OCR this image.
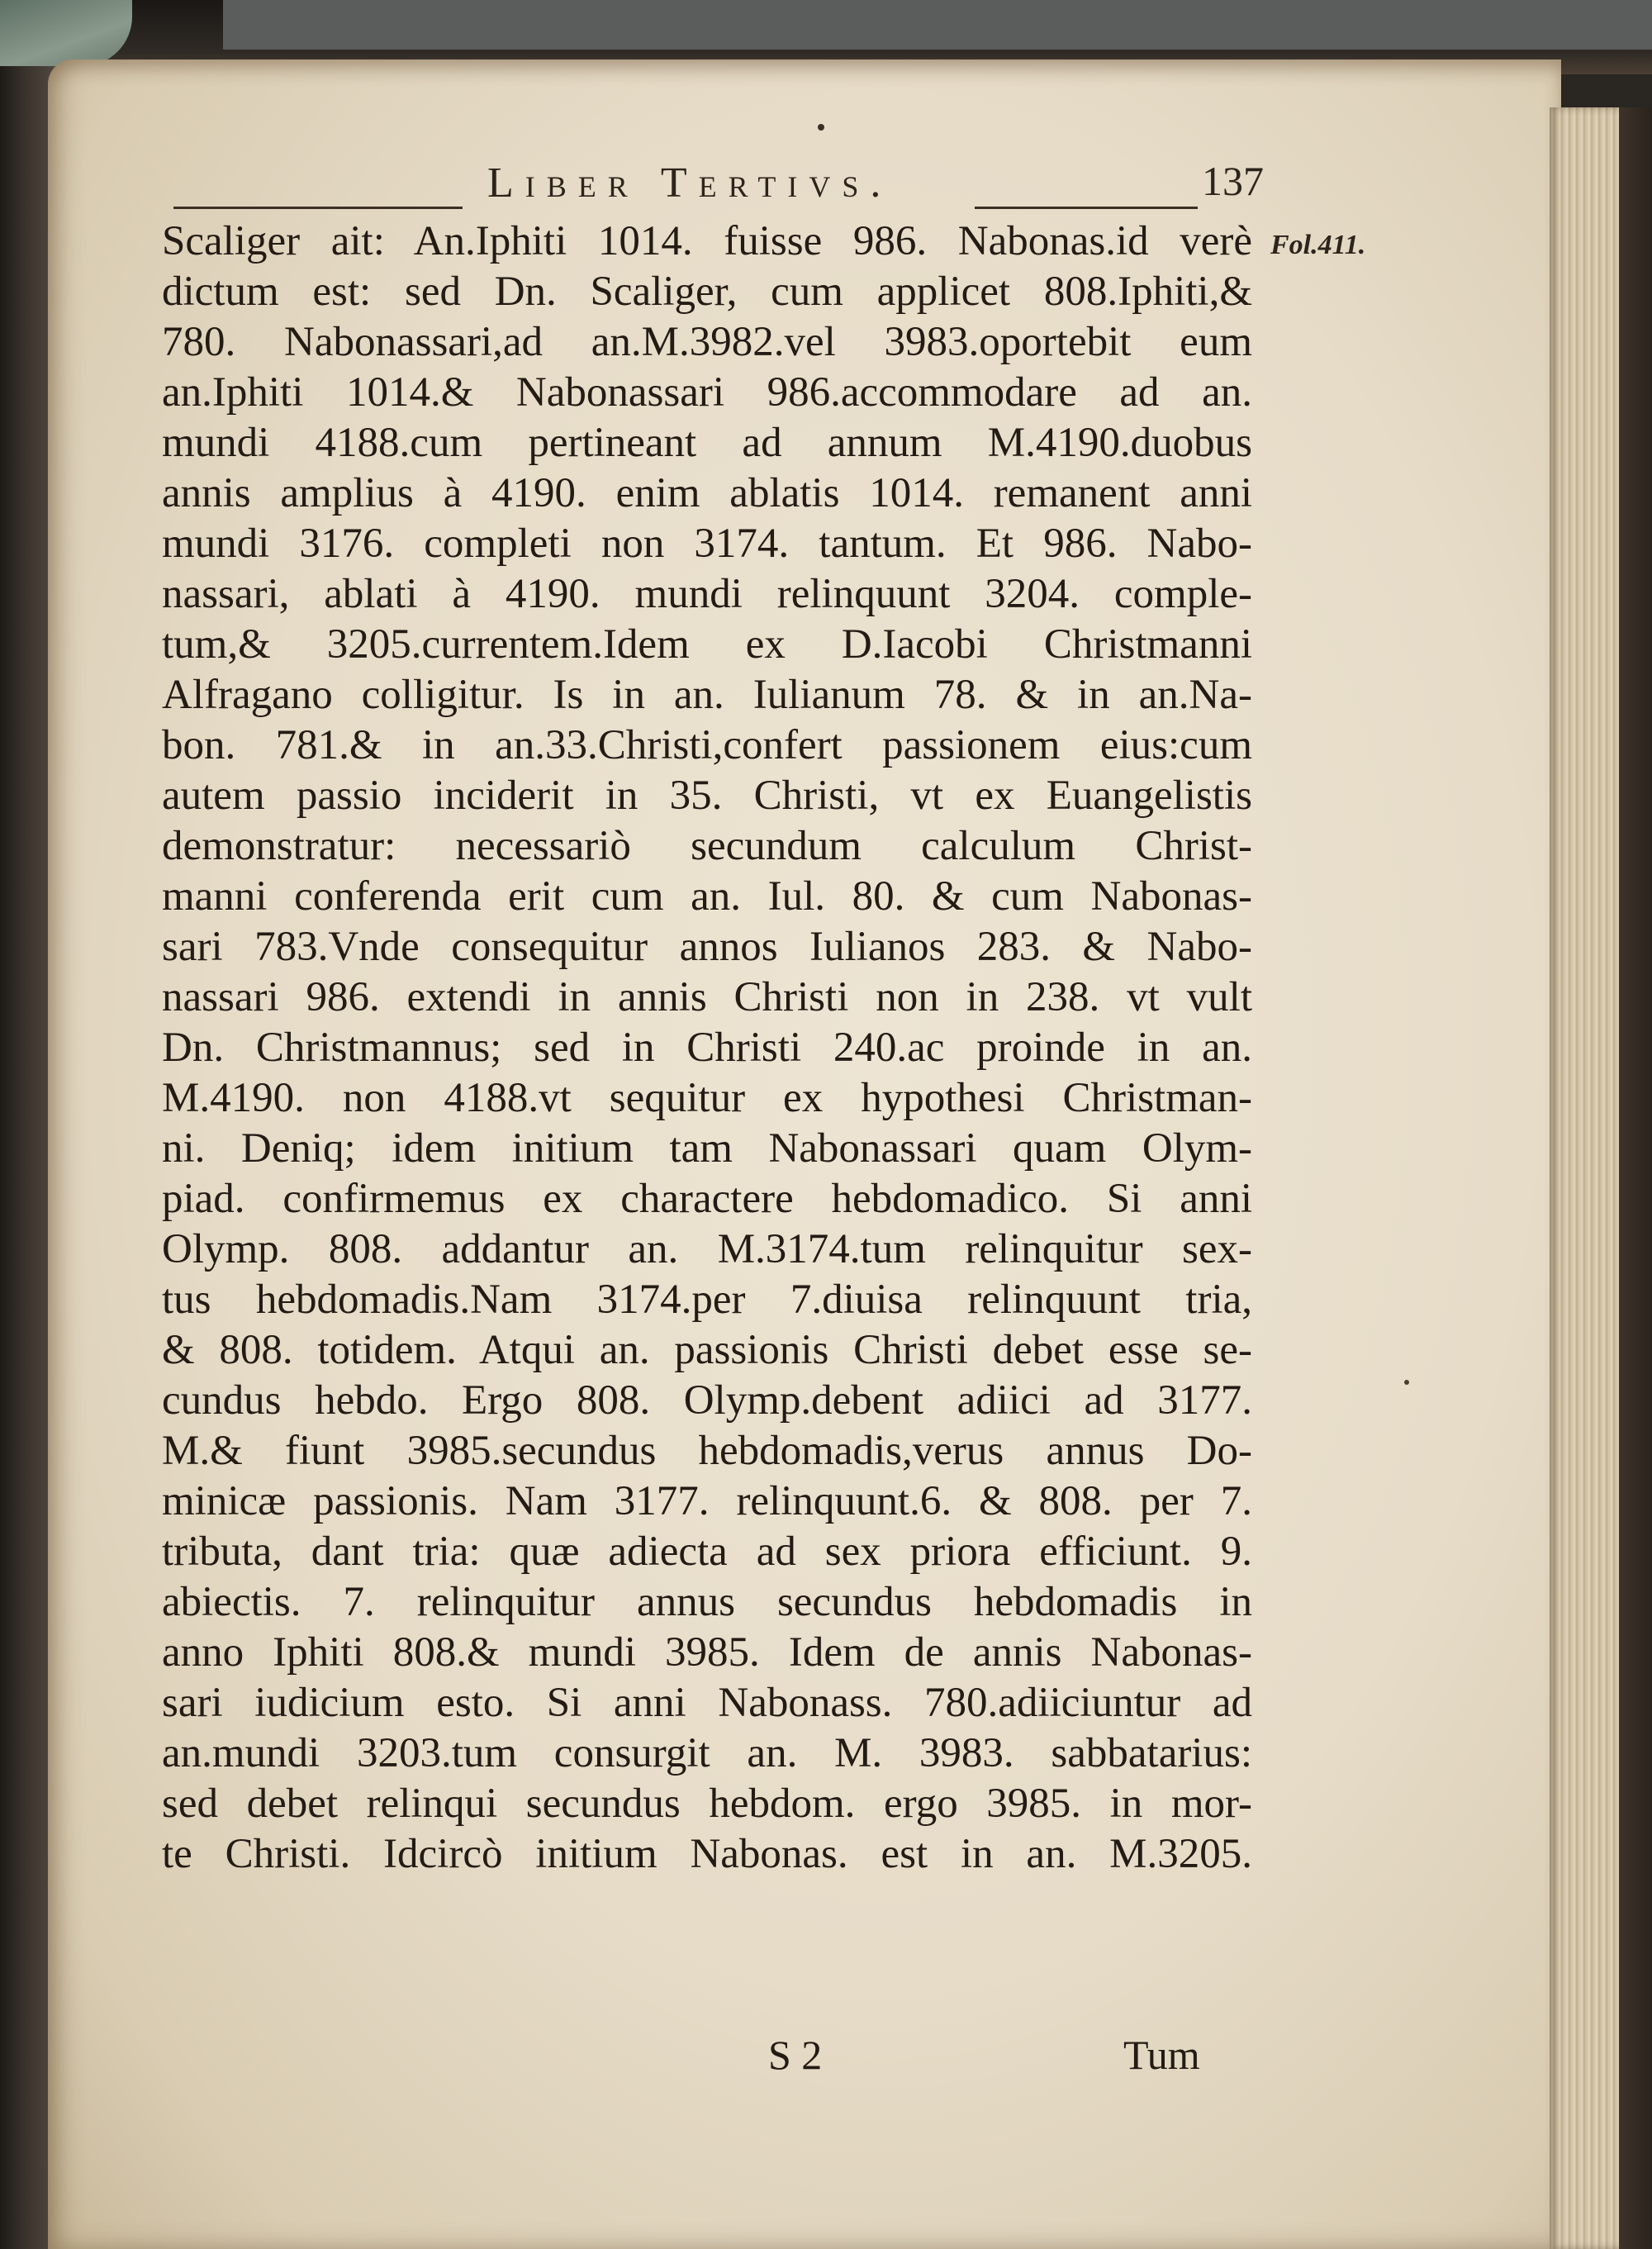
Liber Tertivs.	137
Fol.411.
Scaliger ait: An.Iphiti 1014. fuisse 986. Nabonas.id verè
dictum est: sed Dn. Scaliger, cum applicet 808.Iphiti,&
780. Nabonassari,ad an.M.3982.vel 3983.oportebit eum
an.Iphiti 1014.& Nabonassari 986.accommodare ad an.
mundi 4188.cum pertineant ad annum M.4190.duobus
annis amplius à 4190. enim ablatis 1014. remanent anni
mundi 3176. completi non 3174. tantum. Et 986. Nabo-
nassari, ablati à 4190. mundi relinquunt 3204. comple-
tum,& 3205.currentem.Idem ex D.Iacobi Christmanni
Alfragano colligitur. Is in an. Iulianum 78. & in an.Na-
bon. 781.& in an.33.Christi,confert passionem eius:cum
autem passio inciderit in 35. Christi, vt ex Euangelistis
demonstratur: necessariò secundum calculum Christ-
manni conferenda erit cum an. Iul. 80. & cum Nabonas-
sari 783.Vnde consequitur annos Iulianos 283. & Nabo-
nassari 986. extendi in annis Christi non in 238. vt vult
Dn. Christmannus; sed in Christi 240.ac proinde in an.
M.4190. non 4188.vt sequitur ex hypothesi Christman-
ni. Deniq; idem initium tam Nabonassari quam Olym-
piad. confirmemus ex charactere hebdomadico. Si anni
Olymp. 808. addantur an. M.3174.tum relinquitur sex-
tus hebdomadis.Nam 3174.per 7.diuisa relinquunt tria,
& 808. totidem. Atqui an. passionis Christi debet esse se-
cundus hebdo. Ergo 808. Olymp.debent adiici ad 3177.
M.& fiunt 3985.secundus hebdomadis,verus annus Do-
minicæ passionis. Nam 3177. relinquunt.6. & 808. per 7.
tributa, dant tria: quæ adiecta ad sex priora efficiunt. 9.
abiectis. 7. relinquitur annus secundus hebdomadis in
anno Iphiti 808.& mundi 3985. Idem de annis Nabonas-
sari iudicium esto. Si anni Nabonass. 780.adiiciuntur ad
an.mundi 3203.tum consurgit an. M. 3983. sabbatarius:
sed debet relinqui secundus hebdom. ergo 3985. in mor-
te Christi. Idcircò initium Nabonas. est in an. M.3205.
S 2	Tum
